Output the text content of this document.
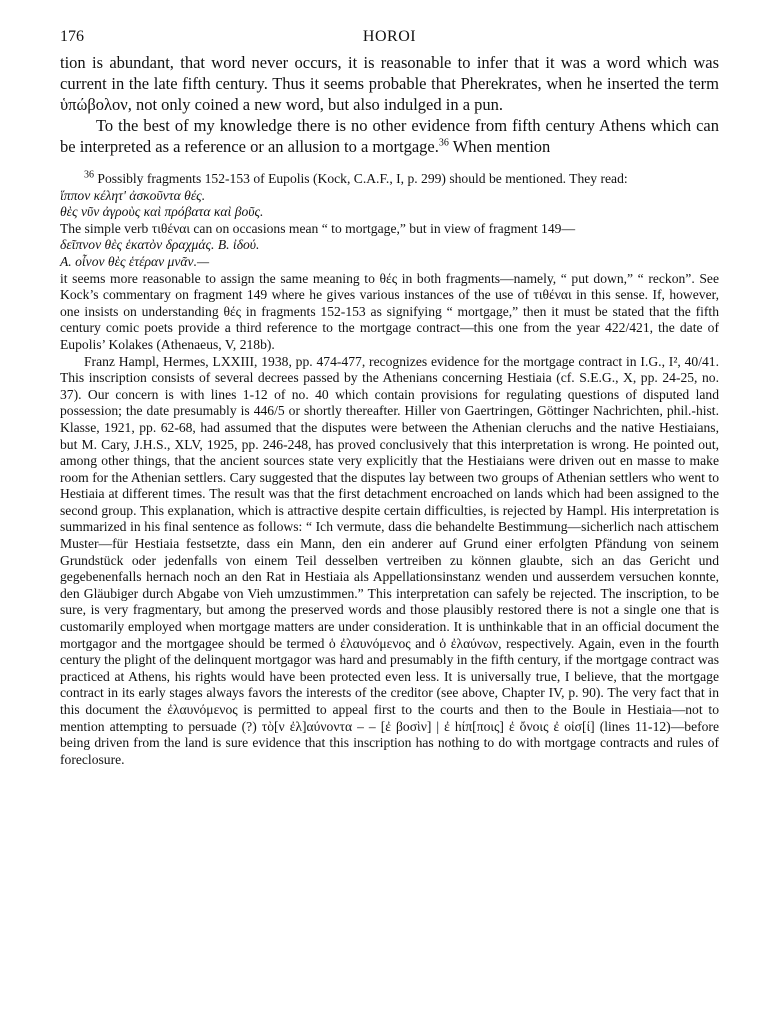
176	HOROI

tion is abundant, that word never occurs, it is reasonable to infer that it was a word which was current in the late fifth century. Thus it seems probable that Pherekrates, when he inserted the term ὑπώβολον, not only coined a new word, but also indulged in a pun.

To the best of my knowledge there is no other evidence from fifth century Athens which can be interpreted as a reference or an allusion to a mortgage.$^{36}$ When mention

$^{36}$ Possibly fragments 152-153 of Eupolis (Kock, C.A.F., I, p. 299) should be mentioned. They read:

ἵππον κέλητ' ἀσκοῦντα θές.

θὲς νῦν ἀγροὺς καὶ πρόβατα καὶ βοῦς.

The simple verb τιθέναι can on occasions mean “ to mortgage,” but in view of fragment 149—

δεῖπνον θὲς ἑκατὸν δραχμάς. B. ἰδού.

A. οἶνον θὲς ἑτέραν μνᾶν.—

it seems more reasonable to assign the same meaning to θές in both fragments—namely, “ put down,” “ reckon”. See Kock’s commentary on fragment 149 where he gives various instances of the use of τιθέναι in this sense. If, however, one insists on understanding θές in fragments 152-153 as signifying “ mortgage,” then it must be stated that the fifth century comic poets provide a third reference to the mortgage contract—this one from the year 422/421, the date of Eupolis’ Kolakes (Athenaeus, V, 218b).

Franz Hampl, Hermes, LXXIII, 1938, pp. 474-477, recognizes evidence for the mortgage contract in I.G., I², 40/41. This inscription consists of several decrees passed by the Athenians concerning Hestiaia (cf. S.E.G., X, pp. 24-25, no. 37). Our concern is with lines 1-12 of no. 40 which contain provisions for regulating questions of disputed land possession; the date presumably is 446/5 or shortly thereafter. Hiller von Gaertringen, Göttinger Nachrichten, phil.-hist. Klasse, 1921, pp. 62-68, had assumed that the disputes were between the Athenian cleruchs and the native Hestiaians, but M. Cary, J.H.S., XLV, 1925, pp. 246-248, has proved conclusively that this interpretation is wrong. He pointed out, among other things, that the ancient sources state very explicitly that the Hestiaians were driven out en masse to make room for the Athenian settlers. Cary suggested that the disputes lay between two groups of Athenian settlers who went to Hestiaia at different times. The result was that the first detachment encroached on lands which had been assigned to the second group. This explanation, which is attractive despite certain difficulties, is rejected by Hampl. His interpretation is summarized in his final sentence as follows: “ Ich vermute, dass die behandelte Bestimmung—sicherlich nach attischem Muster—für Hestiaia festsetzte, dass ein Mann, den ein anderer auf Grund einer erfolgten Pfändung von seinem Grundstück oder jedenfalls von einem Teil desselben vertreiben zu können glaubte, sich an das Gericht und gegebenenfalls hernach noch an den Rat in Hestiaia als Appellationsinstanz wenden und ausserdem versuchen konnte, den Gläubiger durch Abgabe von Vieh umzustimmen.” This interpretation can safely be rejected. The inscription, to be sure, is very fragmentary, but among the preserved words and those plausibly restored there is not a single one that is customarily employed when mortgage matters are under consideration. It is unthinkable that in an official document the mortgagor and the mortgagee should be termed ὁ ἐλαυνόμενος and ὁ ἐλαύνων, respectively. Again, even in the fourth century the plight of the delinquent mortgagor was hard and presumably in the fifth century, if the mortgage contract was practiced at Athens, his rights would have been protected even less. It is universally true, I believe, that the mortgage contract in its early stages always favors the interests of the creditor (see above, Chapter IV, p. 90). The very fact that in this document the ἐλαυνόμενος is permitted to appeal first to the courts and then to the Boule in Hestiaia—not to mention attempting to persuade (?) τὸ[ν ἐλ]αύνοντα – – [ἐ βοσὶν] | ἐ hίπ[ποις] ἐ ὄνοις ἐ οἰσ[ί] (lines 11-12)—before being driven from the land is sure evidence that this inscription has nothing to do with mortgage contracts and rules of foreclosure.
